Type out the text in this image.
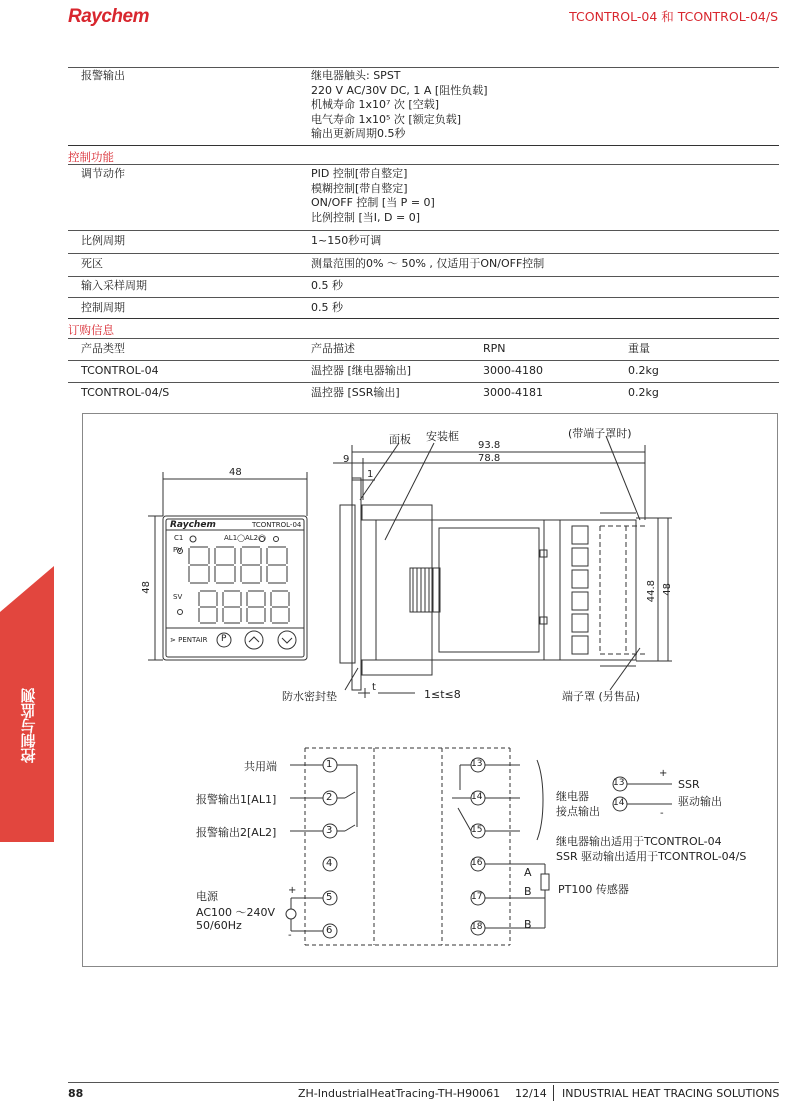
Raychem	TCONTROL-04 和 TCONTROL-04/S
报警输出	继电器触头: SPST
220 V AC/30V DC, 1 A [阻性负载]
机械寿命 1x10⁷ 次 [空载]
电气寿命 1x10⁵ 次 [额定负载]
输出更新周期0.5秒
控制功能
调节动作	PID 控制[带自整定]
模糊控制[带自整定]
ON/OFF 控制 [当 P = 0]
比例控制 [当I, D = 0]
比例周期	1~150秒可调
死区	测量范围的0% ～ 50% , 仅适用于ON/OFF控制
输入采样周期	0.5 秒
控制周期	0.5 秒
订购信息
产品类型	产品描述	RPN	重量
TCONTROL-04	温控器 [继电器输出]	3000-4180	0.2kg
TCONTROL-04/S	温控器 [SSR输出]	3000-4181	0.2kg
48
48
Raychem	TCONTROL-04
C1	AL1◯AL2◯
PV
SV
⋗ PENTAIR P
面板 安装框	(带端子罩时)
93.8
78.8
9
1
44.8 48
防水密封垫
t
1≤t≤8	端子罩 (另售品)
共用端
报警输出1[AL1]
报警输出2[AL2]
电源
AC100 ～240V
50/60Hz
+
-
1
2
3
4
5
6
13
14
15
16
17
18
13
14
继电器
接点输出
+
-
SSR
驱动输出
继电器输出适用于TCONTROL-04
SSR 驱动输出适用于TCONTROL-04/S
A
B
B
PT100 传感器
控制与监测
88	ZH-IndustrialHeatTracing-TH-H90061 12/14 INDUSTRIAL HEAT TRACING SOLUTIONS
